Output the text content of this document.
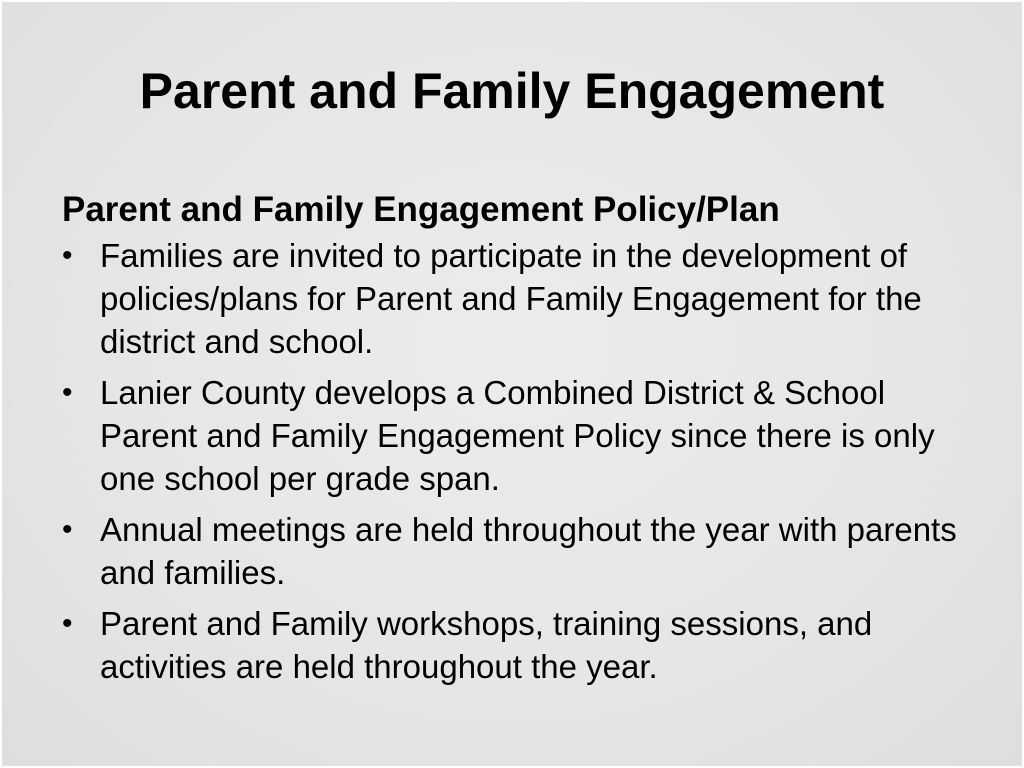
Parent and Family Engagement
Parent and Family Engagement Policy/Plan
• Families are invited to participate in the development of policies/plans for Parent and Family Engagement for the district and school.
• Lanier County develops a Combined District & School Parent and Family Engagement Policy since there is only one school per grade span.
• Annual meetings are held throughout the year with parents and families.
• Parent and Family workshops, training sessions, and activities are held throughout the year.
